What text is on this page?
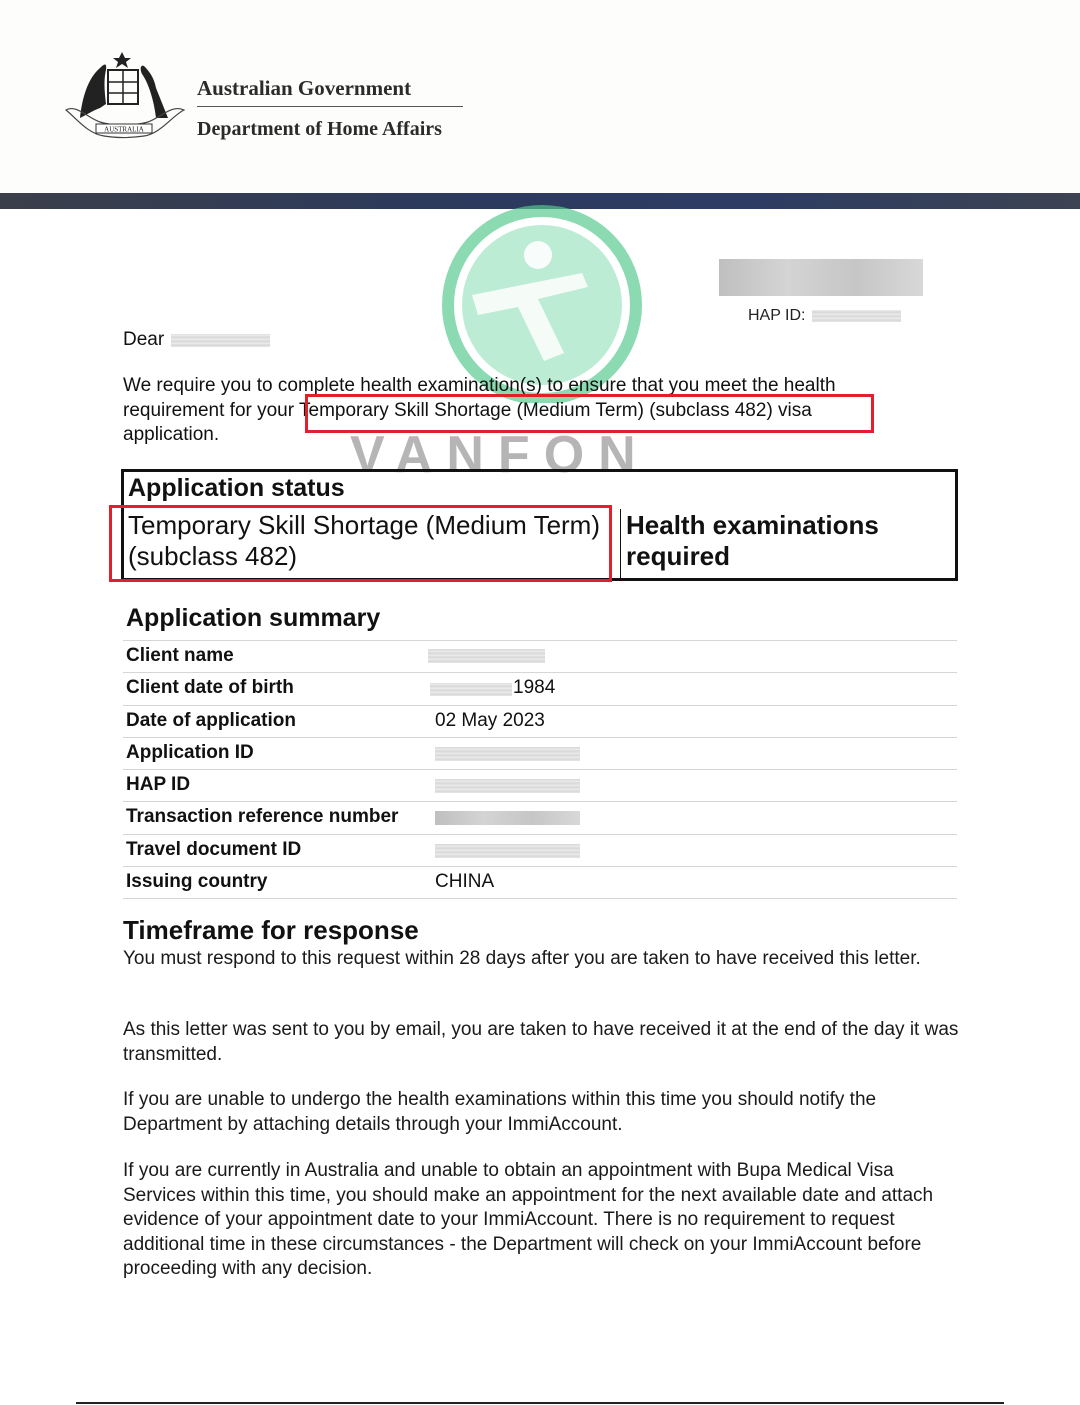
AUSTRALIA
Australian Government
Department of Home Affairs
VANFON
HAP ID:
Dear
We require you to complete health examination(s) to ensure that you meet the health requirement for your Temporary Skill Shortage (Medium Term) (subclass 482) visa application.
Application status
Temporary Skill Shortage (Medium Term) (subclass 482)
Health examinations required
Application summary
Client name
Client date of birth	1984
Date of application	02 May 2023
Application ID
HAP ID
Transaction reference number
Travel document ID
Issuing country	CHINA
Timeframe for response
You must respond to this request within 28 days after you are taken to have received this letter.
As this letter was sent to you by email, you are taken to have received it at the end of the day it was transmitted.
If you are unable to undergo the health examinations within this time you should notify the Department by attaching details through your ImmiAccount.
If you are currently in Australia and unable to obtain an appointment with Bupa Medical Visa Services within this time, you should make an appointment for the next available date and attach evidence of your appointment date to your ImmiAccount. There is no requirement to request additional time in these circumstances - the Department will check on your ImmiAccount before proceeding with any decision.
